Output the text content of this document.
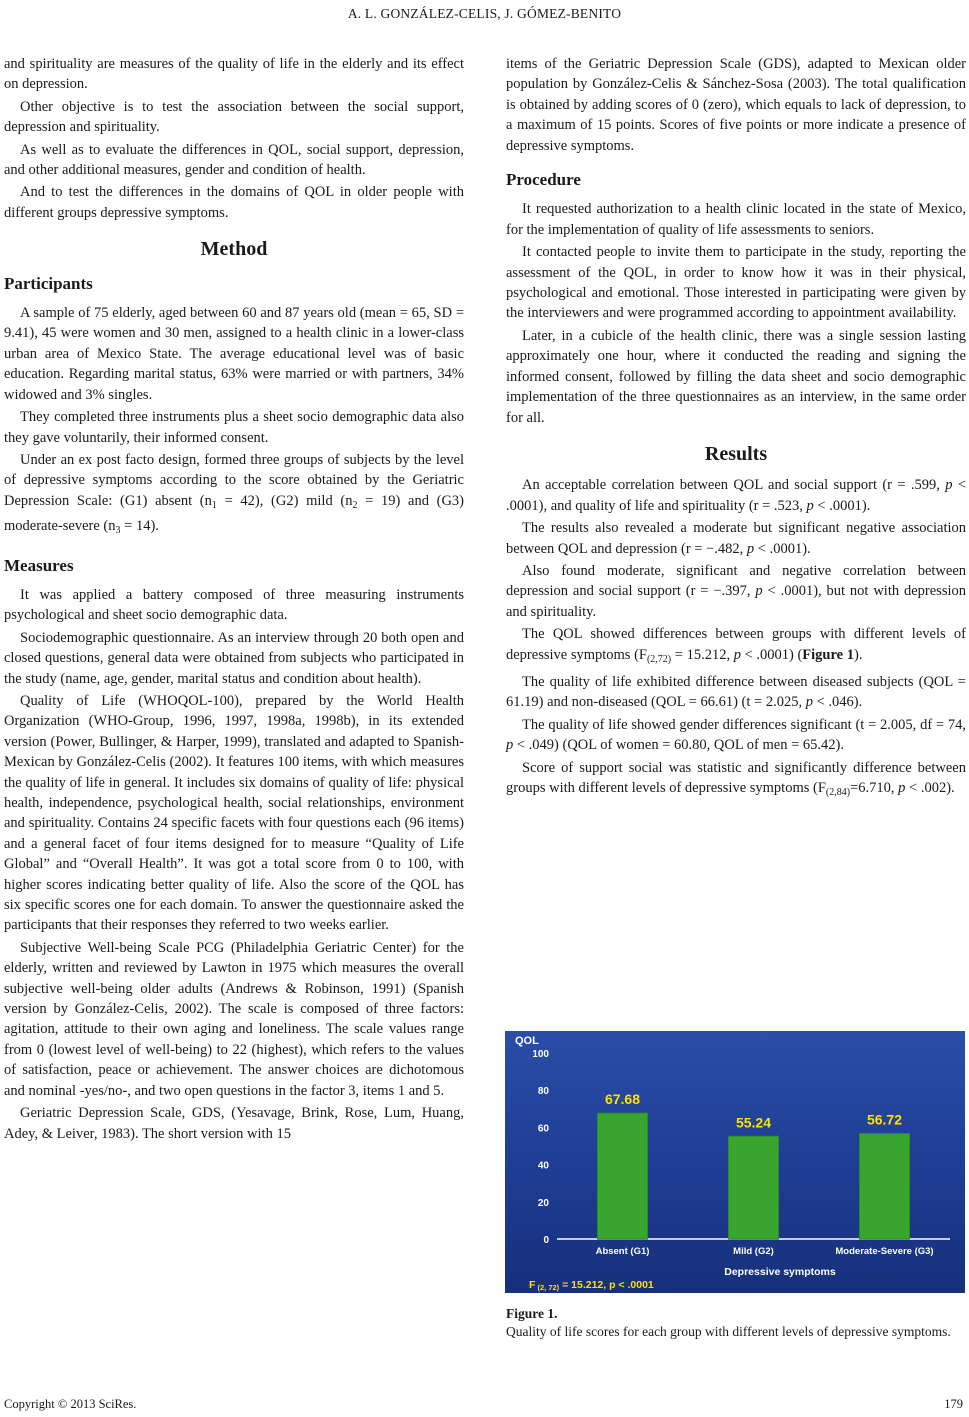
A. L. GONZÁLEZ-CELIS, J. GÓMEZ-BENITO

and spirituality are measures of the quality of life in the elderly and its effect on depression.

Other objective is to test the association between the social support, depression and spirituality.

As well as to evaluate the differences in QOL, social support, depression, and other additional measures, gender and condition of health.

And to test the differences in the domains of QOL in older people with different groups depressive symptoms.

Method
Participants

A sample of 75 elderly, aged between 60 and 87 years old (mean = 65, SD = 9.41), 45 were women and 30 men, assigned to a health clinic in a lower-class urban area of Mexico State. The average educational level was of basic education. Regarding marital status, 63% were married or with partners, 34% widowed and 3% singles.

They completed three instruments plus a sheet socio demographic data also they gave voluntarily, their informed consent.

Under an ex post facto design, formed three groups of subjects by the level of depressive symptoms according to the score obtained by the Geriatric Depression Scale: (G1) absent $(n_1 = 42)$, (G2) mild $(n_2 = 19)$ and (G3) moderate-severe $(n_3 = 14)$.

Measures

It was applied a battery composed of three measuring instruments psychological and sheet socio demographic data.

Sociodemographic questionnaire. As an interview through 20 both open and closed questions, general data were obtained from subjects who participated in the study (name, age, gender, marital status and condition about health).

Quality of Life (WHOQOL-100), prepared by the World Health Organization (WHO-Group, 1996, 1997, 1998a, 1998b), in its extended version (Power, Bullinger, & Harper, 1999), translated and adapted to Spanish-Mexican by González-Celis (2002). It features 100 items, with which measures the quality of life in general. It includes six domains of quality of life: physical health, independence, psychological health, social relationships, environment and spirituality. Contains 24 specific facets with four questions each (96 items) and a general facet of four items designed for to measure “Quality of Life Global” and “Overall Health”. It was got a total score from 0 to 100, with higher scores indicating better quality of life. Also the score of the QOL has six specific scores one for each domain. To answer the questionnaire asked the participants that their responses they referred to two weeks earlier.

Subjective Well-being Scale PCG (Philadelphia Geriatric Center) for the elderly, written and reviewed by Lawton in 1975 which measures the overall subjective well-being older adults (Andrews & Robinson, 1991) (Spanish version by González-Celis, 2002). The scale is composed of three factors: agitation, attitude to their own aging and loneliness. The scale values range from 0 (lowest level of well-being) to 22 (highest), which refers to the values of satisfaction, peace or achievement. The answer choices are dichotomous and nominal -yes/no-, and two open questions in the factor 3, items 1 and 5.

Geriatric Depression Scale, GDS, (Yesavage, Brink, Rose, Lum, Huang, Adey, & Leiver, 1983). The short version with 15

items of the Geriatric Depression Scale (GDS), adapted to Mexican older population by González-Celis & Sánchez-Sosa (2003). The total qualification is obtained by adding scores of 0 (zero), which equals to lack of depression, to a maximum of 15 points. Scores of five points or more indicate a presence of depressive symptoms.

Procedure

It requested authorization to a health clinic located in the state of Mexico, for the implementation of quality of life assessments to seniors.

It contacted people to invite them to participate in the study, reporting the assessment of the QOL, in order to know how it was in their physical, psychological and emotional. Those interested in participating were given by the interviewers and were programmed according to appointment availability.

Later, in a cubicle of the health clinic, there was a single session lasting approximately one hour, where it conducted the reading and signing the informed consent, followed by filling the data sheet and socio demographic implementation of the three questionnaires as an interview, in the same order for all.

Results

An acceptable correlation between QOL and social support (r = .599, p < .0001), and quality of life and spirituality (r = .523, p < .0001).

The results also revealed a moderate but significant negative association between QOL and depression (r = −.482, p < .0001).

Also found moderate, significant and negative correlation between depression and social support (r = −.397, p < .0001), but not with depression and spirituality.

The QOL showed differences between groups with different levels of depressive symptoms ($F_{(2,72)} = 15.212$, p < .0001) (Figure 1).

The quality of life exhibited difference between diseased subjects (QOL = 61.19) and non-diseased (QOL = 66.61) (t = 2.025, p < .046).

The quality of life showed gender differences significant (t = 2.005, df = 74, p < .049) (QOL of women = 60.80, QOL of men = 65.42).

Score of support social was statistic and significantly difference between groups with different levels of depressive symptoms ($F_{(2,84)}=6.710$, p < .002).

QOL
0
20
40
60
80
100
67.68
Absent (G1)
55.24
Mild (G2)
56.72
Moderate-Severe (G3)
Depressive symptoms
F (2, 72) = 15.212, p < .0001
Figure 1.
Quality of life scores for each group with different levels of depressive symptoms.
Copyright © 2013 SciRes.	179
